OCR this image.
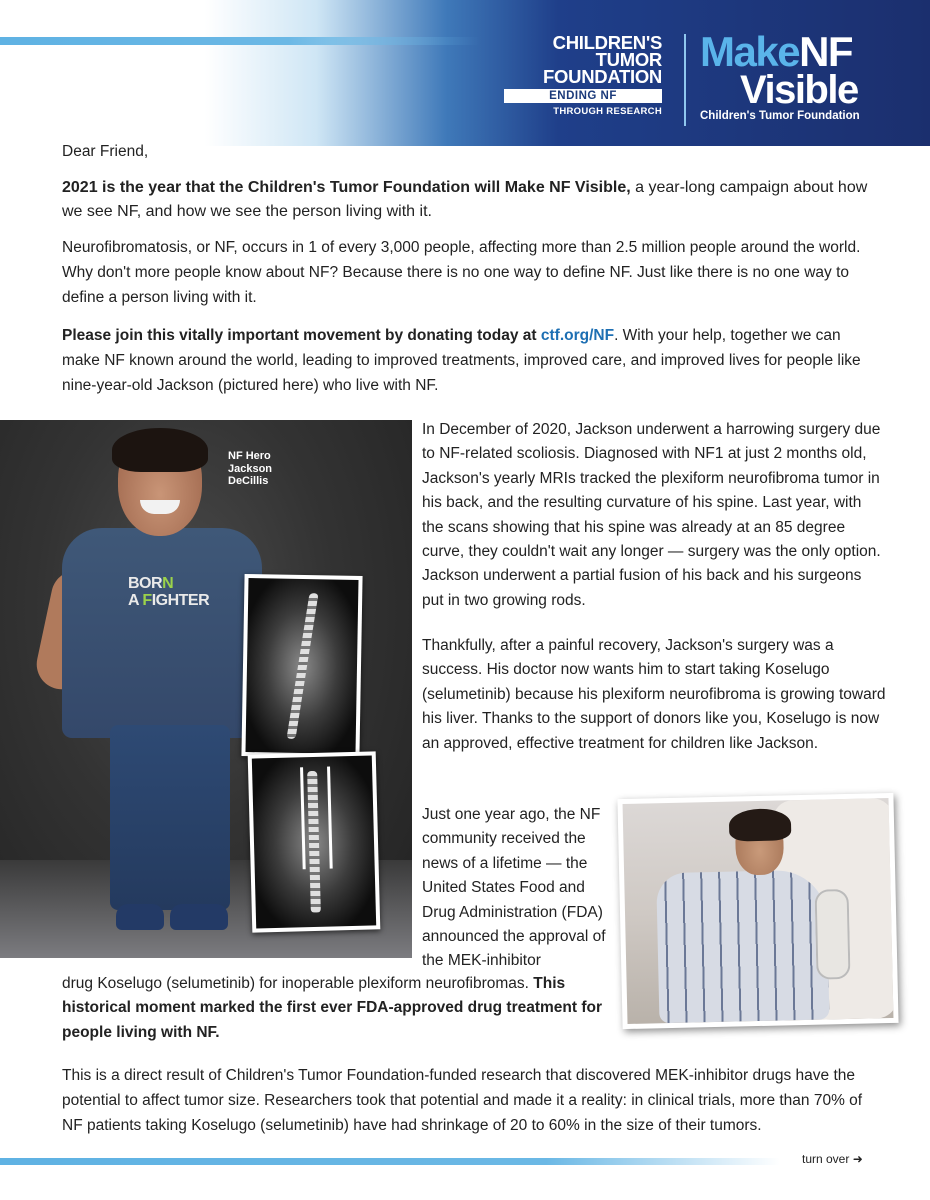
CHILDREN'S
TUMOR
FOUNDATION
ENDING NF
THROUGH RESEARCH
MakeNF
Visible
Children's Tumor Foundation
Dear Friend,
2021 is the year that the Children's Tumor Foundation will Make NF Visible, a year-long campaign about how we see NF, and how we see the person living with it.
Neurofibromatosis, or NF, occurs in 1 of every 3,000 people, affecting more than 2.5 million people around the world. Why don't more people know about NF? Because there is no one way to define NF. Just like there is no one way to define a person living with it.
Please join this vitally important movement by donating today at ctf.org/NF. With your help, together we can make NF known around the world, leading to improved treatments, improved care, and improved lives for people like nine-year-old Jackson (pictured here) who live with NF.
BORN
A FIGHTER
NF Hero
Jackson
DeCillis
In December of 2020, Jackson underwent a harrowing surgery due to NF-related scoliosis. Diagnosed with NF1 at just 2 months old, Jackson's yearly MRIs tracked the plexiform neurofibroma tumor in his back, and the resulting curvature of his spine. Last year, with the scans showing that his spine was already at an 85 degree curve, they couldn't wait any longer — surgery was the only option. Jackson underwent a partial fusion of his back and his surgeons put in two growing rods.
Thankfully, after a painful recovery, Jackson's surgery was a success. His doctor now wants him to start taking Koselugo (selumetinib) because his plexiform neurofibroma is growing toward his liver. Thanks to the support of donors like you, Koselugo is now an approved, effective treatment for children like Jackson.
Just one year ago, the NF community received the news of a lifetime — the United States Food and Drug Administration (FDA) announced the approval of the MEK-inhibitor
drug Koselugo (selumetinib) for inoperable plexiform neurofibromas. This historical moment marked the first ever FDA-approved drug treatment for people living with NF.
This is a direct result of Children's Tumor Foundation-funded research that discovered MEK-inhibitor drugs have the potential to affect tumor size. Researchers took that potential and made it a reality: in clinical trials, more than 70% of NF patients taking Koselugo (selumetinib) have had shrinkage of 20 to 60% in the size of their tumors.
turn over ➜
